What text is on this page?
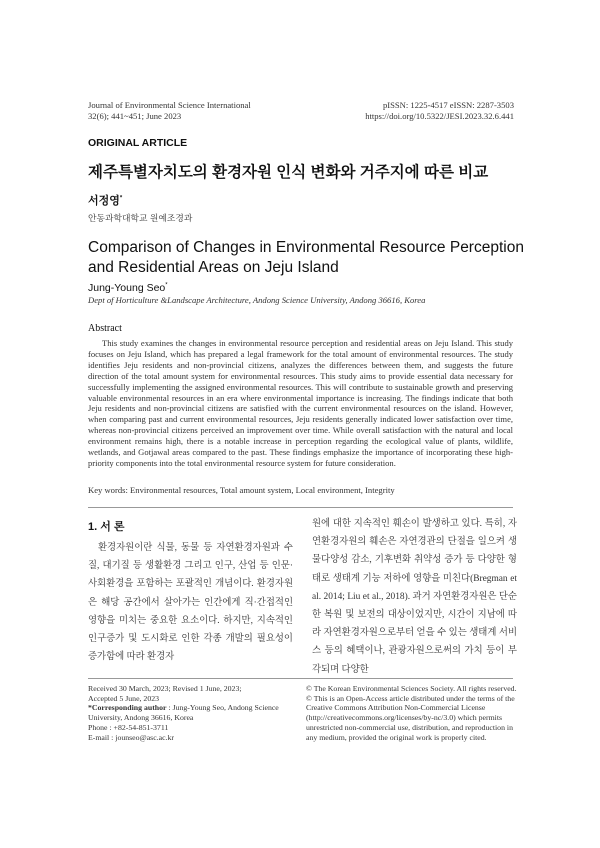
Journal of Environmental Science International
32(6); 441~451; June 2023
pISSN: 1225-4517 eISSN: 2287-3503
https://doi.org/10.5322/JESI.2023.32.6.441
ORIGINAL ARTICLE
제주특별자치도의 환경자원 인식 변화와 거주지에 따른 비교
서정영*
안동과학대학교 원예조경과
Comparison of Changes in Environmental Resource Perception and Residential Areas on Jeju Island
Jung-Young Seo*
Dept of Horticulture &Landscape Architecture, Andong Science University, Andong 36616, Korea
Abstract
This study examines the changes in environmental resource perception and residential areas on Jeju Island. This study focuses on Jeju Island, which has prepared a legal framework for the total amount of environmental resources. The study identifies Jeju residents and non-provincial citizens, analyzes the differences between them, and suggests the future direction of the total amount system for environmental resources. This study aims to provide essential data necessary for successfully implementing the assigned environmental resources. This will contribute to sustainable growth and preserving valuable environmental resources in an era where environmental importance is increasing. The findings indicate that both Jeju residents and non-provincial citizens are satisfied with the current environmental resources on the island. However, when comparing past and current environmental resources, Jeju residents generally indicated lower satisfaction over time, whereas non-provincial citizens perceived an improvement over time. While overall satisfaction with the natural and local environment remains high, there is a notable increase in perception regarding the ecological value of plants, wildlife, wetlands, and Gotjawal areas compared to the past. These findings emphasize the importance of incorporating these high-priority components into the total environmental resource system for future consideration.
Key words: Environmental resources, Total amount system, Local environment, Integrity
1. 서 론
환경자원이란 식물, 동물 등 자연환경자원과 수질, 대기질 등 생활환경 그리고 인구, 산업 등 인문·사회환경을 포함하는 포괄적인 개념이다. 환경자원은 해당 공간에서 살아가는 인간에게 직·간접적인 영향을 미치는 중요한 요소이다. 하지만, 지속적인 인구증가 및 도시화로 인한 각종 개발의 필요성이 증가함에 따라 환경자
원에 대한 지속적인 훼손이 발생하고 있다. 특히, 자연환경자원의 훼손은 자연경관의 단절을 일으켜 생물다양성 감소, 기후변화 취약성 증가 등 다양한 형태로 생태계 기능 저하에 영향을 미친다(Bregman et al. 2014; Liu et al., 2018). 과거 자연환경자원은 단순한 복원 및 보전의 대상이었지만, 시간이 지남에 따라 자연환경자원으로부터 얻을 수 있는 생태계 서비스 등의 혜택이나, 관광자원으로써의 가치 등이 부각되며 다양한
Received 30 March, 2023; Revised 1 June, 2023;
Accepted 5 June, 2023
*Corresponding author : Jung-Young Seo, Andong Science
University, Andong 36616, Korea
Phone : +82-54-851-3711
E-mail : jounseo@asc.ac.kr
© The Korean Environmental Sciences Society. All rights reserved.
© This is an Open-Access article distributed under the terms of the Creative Commons Attribution Non-Commercial License (http://creativecommons.org/licenses/by-nc/3.0) which permits unrestricted non-commercial use, distribution, and reproduction in any medium, provided the original work is properly cited.
